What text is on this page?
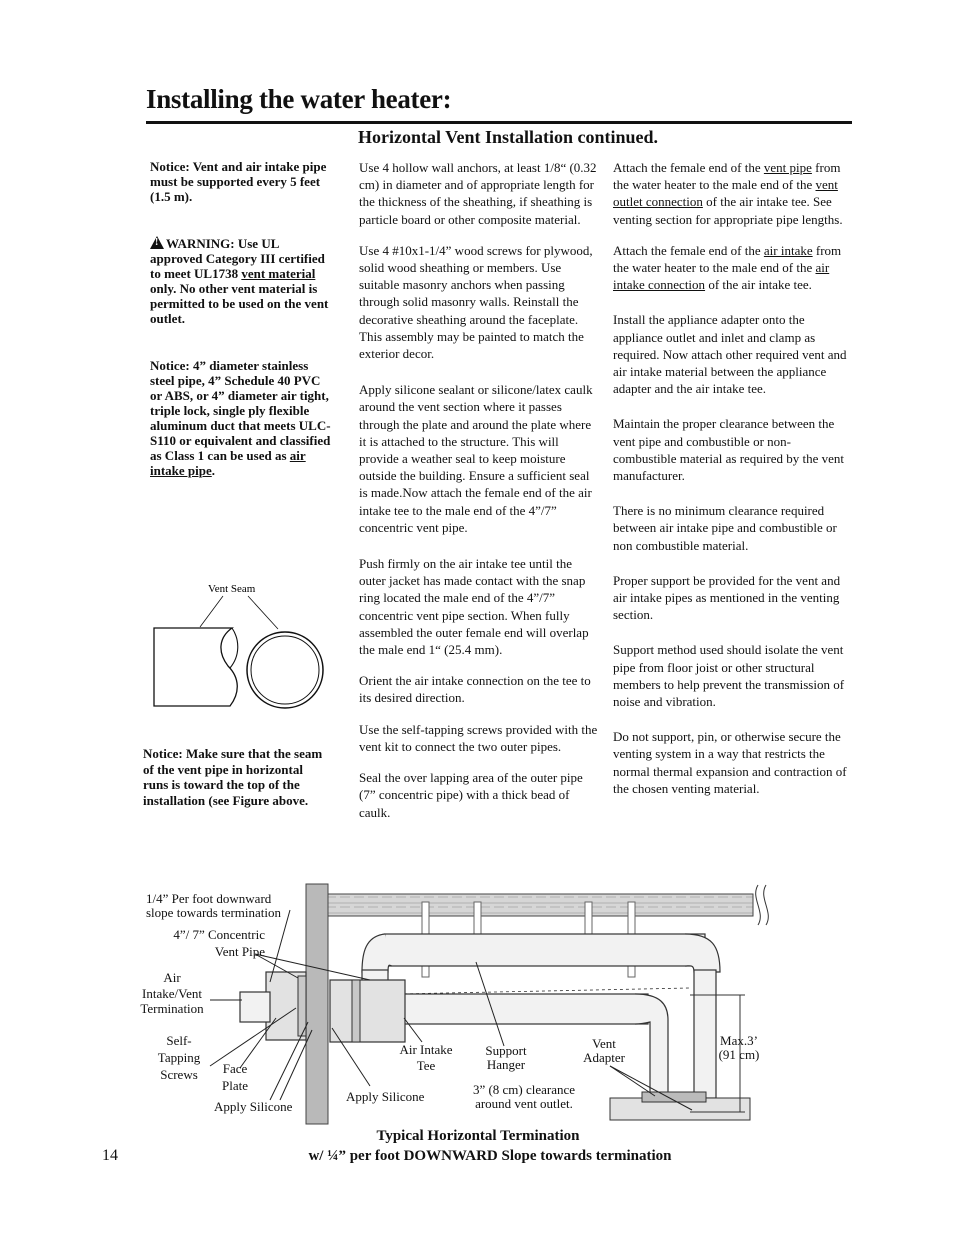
Installing the water heater:
Horizontal Vent Installation continued.

Notice: Vent and air intake pipe must be supported every 5 feet (1.5 m).

!WARNING: Use UL approved Category III certified to meet UL1738 vent material only. No other vent material is permitted to be used on the vent outlet.

Notice: 4” diameter stainless steel pipe, 4” Schedule 40 PVC or ABS, or 4” diameter air tight, triple lock, single ply flexible aluminum duct that meets ULC-S110 or equivalent and classified as Class 1 can be used as air intake pipe.

Vent Seam
Notice: Make sure that the seam of the vent pipe in horizontal runs is toward the top of the installation (see Figure above.

Use 4 hollow wall anchors, at least 1/8“ (0.32 cm) in diameter and of appropriate length for the thickness of the sheathing, if sheathing is particle board or other composite material.

Use 4 #10x1-1/4” wood screws for plywood, solid wood sheathing or members. Use suitable masonry anchors when passing through solid masonry walls. Reinstall the decorative sheathing around the faceplate. This assembly may be painted to match the exterior decor.

Apply silicone sealant or silicone/latex caulk around the vent section where it passes through the plate and around the plate where it is attached to the structure. This will provide a weather seal to keep moisture outside the building. Ensure a sufficient seal is made.Now attach the female end of the air intake tee to the male end of the 4”/7” concentric vent pipe.

Push firmly on the air intake tee until the outer jacket has made contact with the snap ring located the male end of the 4”/7” concentric vent pipe section. When fully assembled the outer female end will overlap the male end 1“ (25.4 mm).

Orient the air intake connection on the tee to its desired direction.

Use the self-tapping screws provided with the vent kit to connect the two outer pipes.

Seal the over lapping area of the outer pipe (7” concentric pipe) with a thick bead of caulk.

Attach the female end of the vent pipe from the water heater to the male end of the vent outlet connection of the air intake tee. See venting section for appropriate pipe lengths.

Attach the female end of the air intake from the water heater to the male end of the air intake connection of the air intake tee.

Install the appliance adapter onto the appliance outlet and inlet and clamp as required. Now attach other required vent and air intake material between the appliance adapter and the air intake tee.

Maintain the proper clearance between the vent pipe and combustible or non-combustible material as required by the vent manufacturer.

There is no minimum clearance required between air intake pipe and combustible or non combustible material.

Proper support be provided for the vent and air intake pipes as mentioned in the venting section.

Support method used should isolate the vent pipe from floor joist or other structural members to help prevent the transmission of noise and vibration.

Do not support, pin, or otherwise secure the venting system in a way that restricts the normal thermal expansion and contraction of the chosen venting material.

1/4” Per foot downward
slope towards termination
4”/ 7” Concentric
Vent Pipe
Air
Intake/Vent
Termination
Self-
Tapping
Screws	Face
Plate
Apply Silicone
Apply Silicone
Air Intake
Tee
Support
Hanger
3” (8 cm) clearance
around vent outlet.
Vent
Adapter
Max.3’
(91 cm)
Typical Horizontal Termination
w/ ¼” per foot DOWNWARD Slope towards termination
14
